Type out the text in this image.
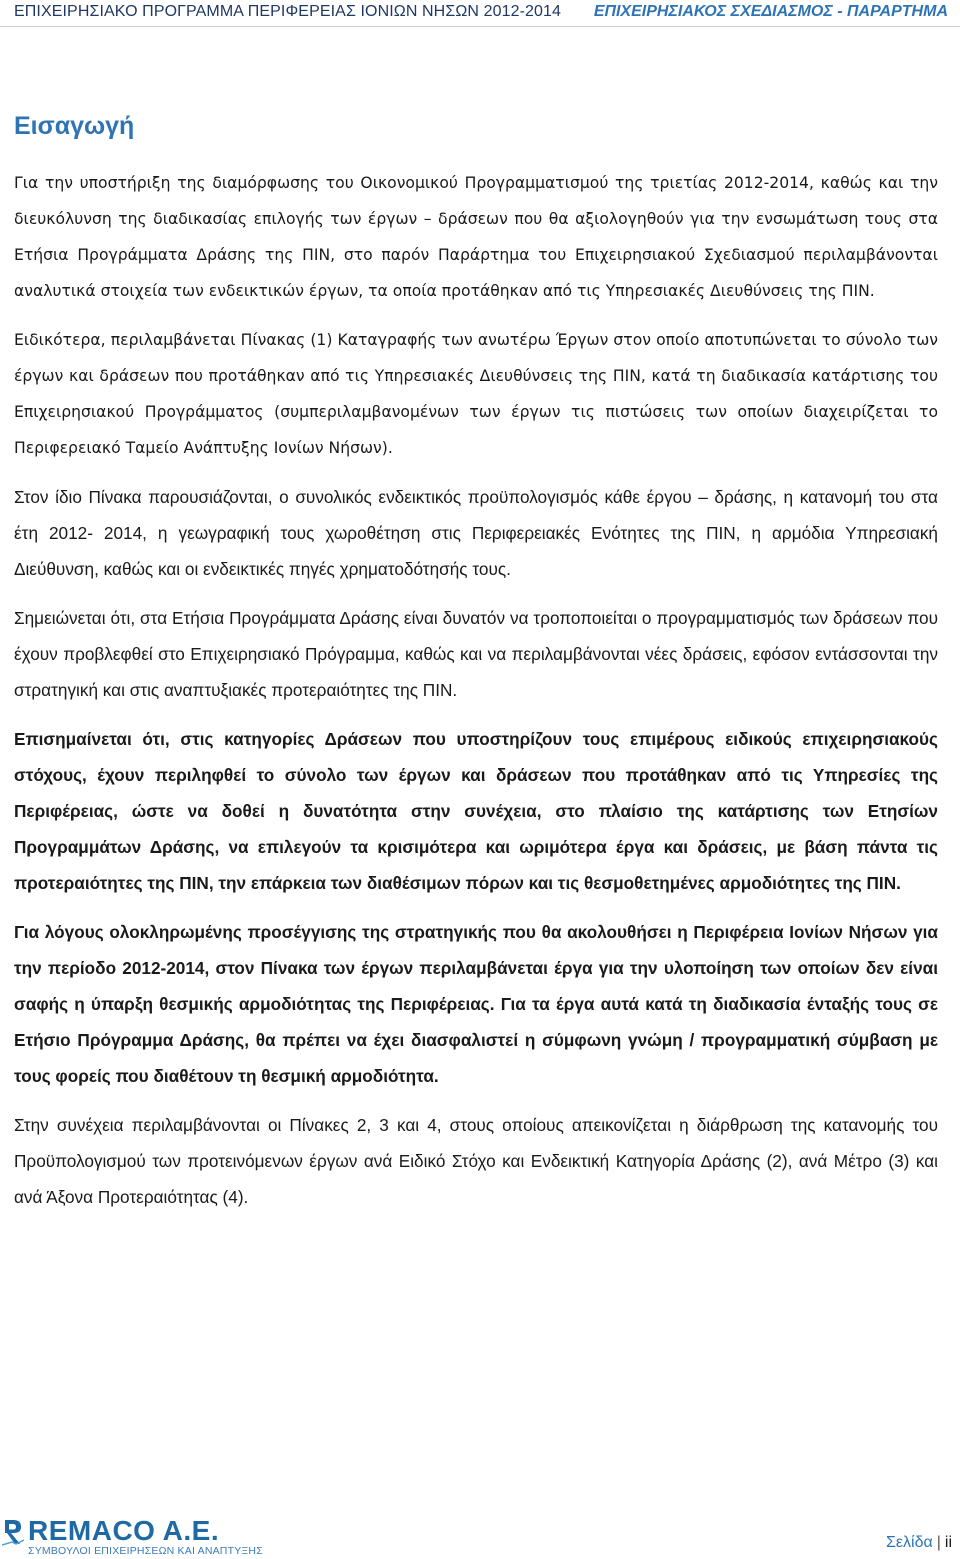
ΕΠΙΧΕΙΡΗΣΙΑΚΟ ΠΡΟΓΡΑΜΜΑ ΠΕΡΙΦΕΡΕΙΑΣ ΙΟΝΙΩΝ ΝΗΣΩΝ 2012-2014 ΕΠΙΧΕΙΡΗΣΙΑΚΟΣ ΣΧΕΔΙΑΣΜΟΣ - ΠΑΡΑΡΤΗΜΑ
Εισαγωγή

Για την υποστήριξη της διαμόρφωσης του Οικονομικού Προγραμματισμού της τριετίας 2012-2014, καθώς και την διευκόλυνση της διαδικασίας επιλογής των έργων – δράσεων που θα αξιολογηθούν για την ενσωμάτωση τους στα Ετήσια Προγράμματα Δράσης της ΠΙΝ, στο παρόν Παράρτημα του Επιχειρησιακού Σχεδιασμού περιλαμβάνονται αναλυτικά στοιχεία των ενδεικτικών έργων, τα οποία προτάθηκαν από τις Υπηρεσιακές Διευθύνσεις της ΠΙΝ.

Ειδικότερα, περιλαμβάνεται Πίνακας (1) Καταγραφής των ανωτέρω Έργων στον οποίο αποτυπώνεται το σύνολο των έργων και δράσεων που προτάθηκαν από τις Υπηρεσιακές Διευθύνσεις της ΠΙΝ, κατά τη διαδικασία κατάρτισης του Επιχειρησιακού Προγράμματος (συμπεριλαμβανομένων των έργων τις πιστώσεις των οποίων διαχειρίζεται το Περιφερειακό Ταμείο Ανάπτυξης Ιονίων Νήσων).

Στον ίδιο Πίνακα παρουσιάζονται, ο συνολικός ενδεικτικός προϋπολογισμός κάθε έργου – δράσης, η κατανομή του στα έτη 2012- 2014, η γεωγραφική τους χωροθέτηση στις Περιφερειακές Ενότητες της ΠΙΝ, η αρμόδια Υπηρεσιακή Διεύθυνση, καθώς και οι ενδεικτικές πηγές χρηματοδότησής τους.

Σημειώνεται ότι, στα Ετήσια Προγράμματα Δράσης είναι δυνατόν να τροποποιείται ο προγραμματισμός των δράσεων που έχουν προβλεφθεί στο Επιχειρησιακό Πρόγραμμα, καθώς και να περιλαμβάνονται νέες δράσεις, εφόσον εντάσσονται την στρατηγική και στις αναπτυξιακές προτεραιότητες της ΠΙΝ.

Επισημαίνεται ότι, στις κατηγορίες Δράσεων που υποστηρίζουν τους επιμέρους ειδικούς επιχειρησιακούς στόχους, έχουν περιληφθεί το σύνολο των έργων και δράσεων που προτάθηκαν από τις Υπηρεσίες της Περιφέρειας, ώστε να δοθεί η δυνατότητα στην συνέχεια, στο πλαίσιο της κατάρτισης των Ετησίων Προγραμμάτων Δράσης, να επιλεγούν τα κρισιμότερα και ωριμότερα έργα και δράσεις, με βάση πάντα τις προτεραιότητες της ΠΙΝ, την επάρκεια των διαθέσιμων πόρων και τις θεσμοθετημένες αρμοδιότητες της ΠΙΝ.

Για λόγους ολοκληρωμένης προσέγγισης της στρατηγικής που θα ακολουθήσει η Περιφέρεια Ιονίων Νήσων για την περίοδο 2012-2014, στον Πίνακα των έργων περιλαμβάνεται έργα για την υλοποίηση των οποίων δεν είναι σαφής η ύπαρξη θεσμικής αρμοδιότητας της Περιφέρειας. Για τα έργα αυτά κατά τη διαδικασία ένταξής τους σε Ετήσιο Πρόγραμμα Δράσης, θα πρέπει να έχει διασφαλιστεί η σύμφωνη γνώμη / προγραμματική σύμβαση με τους φορείς που διαθέτουν τη θεσμική αρμοδιότητα.

Στην συνέχεια περιλαμβάνονται οι Πίνακες 2, 3 και 4, στους οποίους απεικονίζεται η διάρθρωση της κατανομής του Προϋπολογισμού των προτεινόμενων έργων ανά Ειδικό Στόχο και Ενδεικτική Κατηγορία Δράσης (2), ανά Μέτρο (3) και ανά Άξονα Προτεραιότητας (4).

REMACO A.E.
ΣΥΜΒΟΥΛΟΙ ΕΠΙΧΕΙΡΗΣΕΩΝ ΚΑΙ ΑΝΑΠΤΥΞΗΣ	Σελίδα | ii
